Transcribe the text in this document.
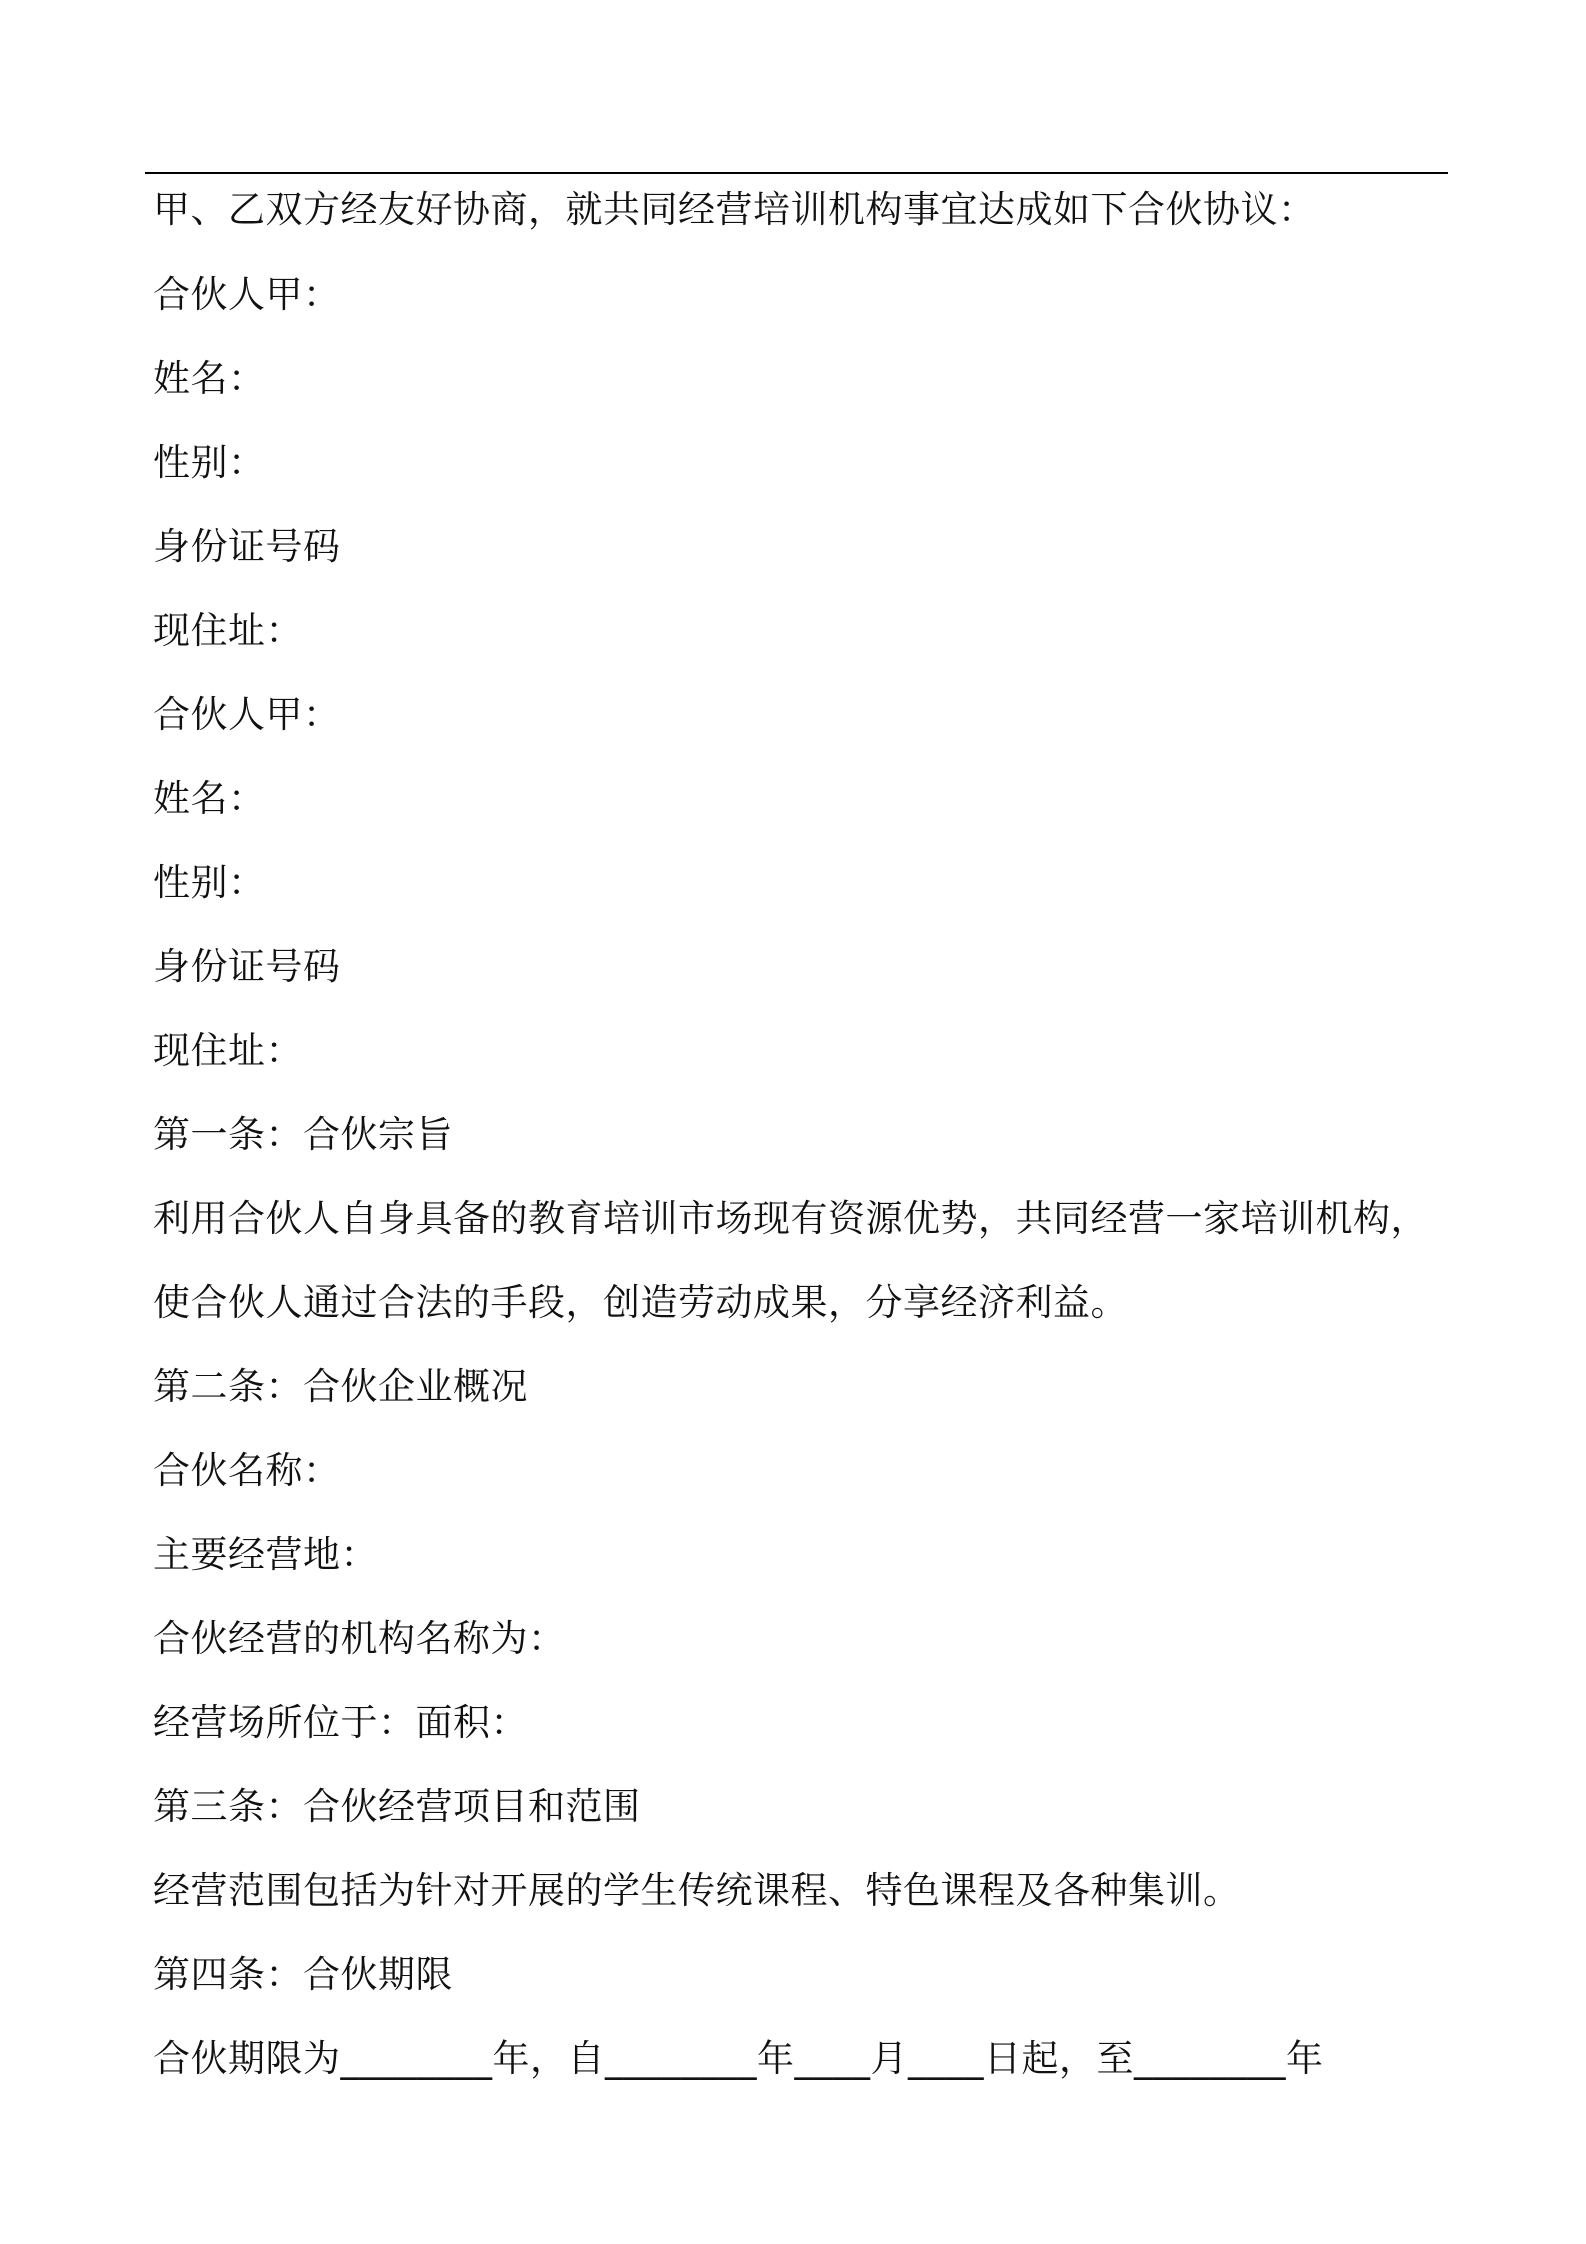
甲、乙双方经友好协商，就共同经营培训机构事宜达成如下合伙协议：

合伙人甲：

姓名：

性别：

身份证号码

现住址：

合伙人甲：

姓名：

性别：

身份证号码

现住址：

第一条：合伙宗旨

利用合伙人自身具备的教育培训市场现有资源优势，共同经营一家培训机构，

使合伙人通过合法的手段，创造劳动成果，分享经济利益。

第二条：合伙企业概况

合伙名称：

主要经营地：

合伙经营的机构名称为：

经营场所位于：面积：

第三条：合伙经营项目和范围

经营范围包括为针对开展的学生传统课程、特色课程及各种集训。

第四条：合伙期限

合伙期限为________年，自________年____月____日起，至________年
